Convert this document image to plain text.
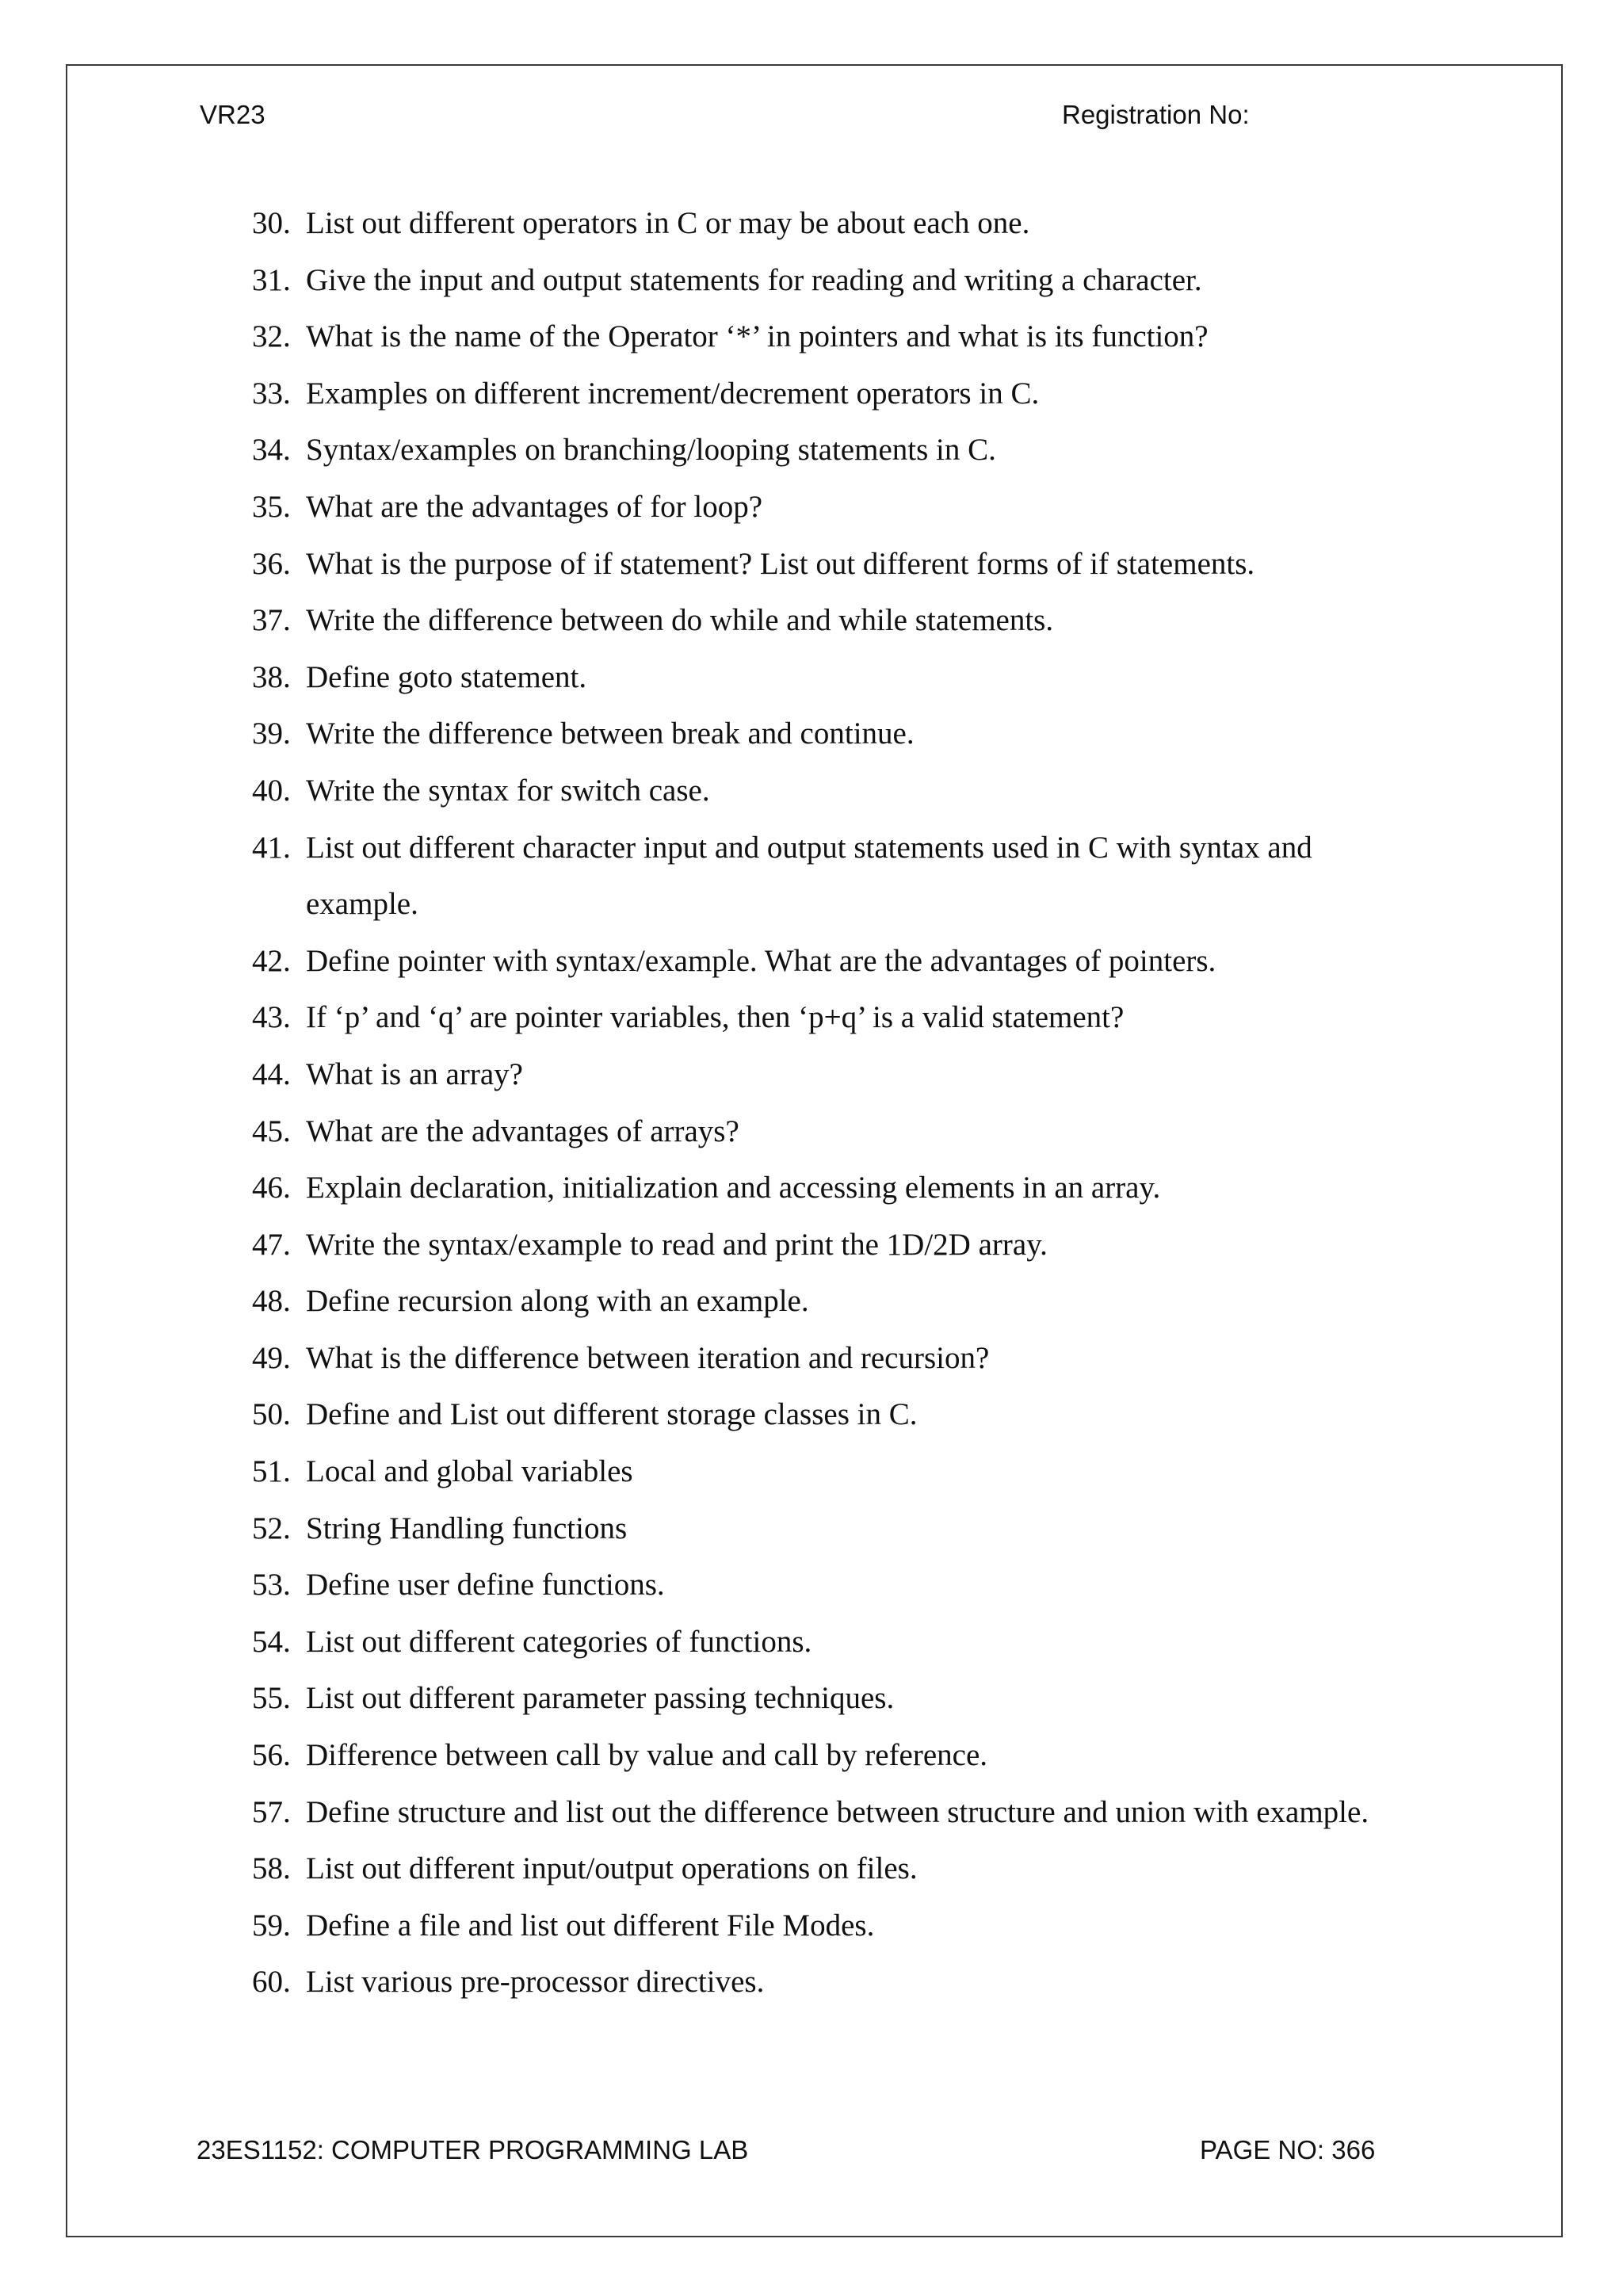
VR23	Registration No:
30. List out different operators in C or may be about each one.
31. Give the input and output statements for reading and writing a character.
32. What is the name of the Operator ‘*’ in pointers and what is its function?
33. Examples on different increment/decrement operators in C.
34. Syntax/examples on branching/looping statements in C.
35. What are the advantages of for loop?
36. What is the purpose of if statement? List out different forms of if statements.
37. Write the difference between do while and while statements.
38. Define goto statement.
39. Write the difference between break and continue.
40. Write the syntax for switch case.
41. List out different character input and output statements used in C with syntax and example.
42. Define pointer with syntax/example. What are the advantages of pointers.
43. If ‘p’ and ‘q’ are pointer variables, then ‘p+q’ is a valid statement?
44. What is an array?
45. What are the advantages of arrays?
46. Explain declaration, initialization and accessing elements in an array.
47. Write the syntax/example to read and print the 1D/2D array.
48. Define recursion along with an example.
49. What is the difference between iteration and recursion?
50. Define and List out different storage classes in C.
51. Local and global variables
52. String Handling functions
53. Define user define functions.
54. List out different categories of functions.
55. List out different parameter passing techniques.
56. Difference between call by value and call by reference.
57. Define structure and list out the difference between structure and union with example.
58. List out different input/output operations on files.
59. Define a file and list out different File Modes.
60. List various pre-processor directives.
23ES1152: COMPUTER PROGRAMMING LAB	PAGE NO: 366
